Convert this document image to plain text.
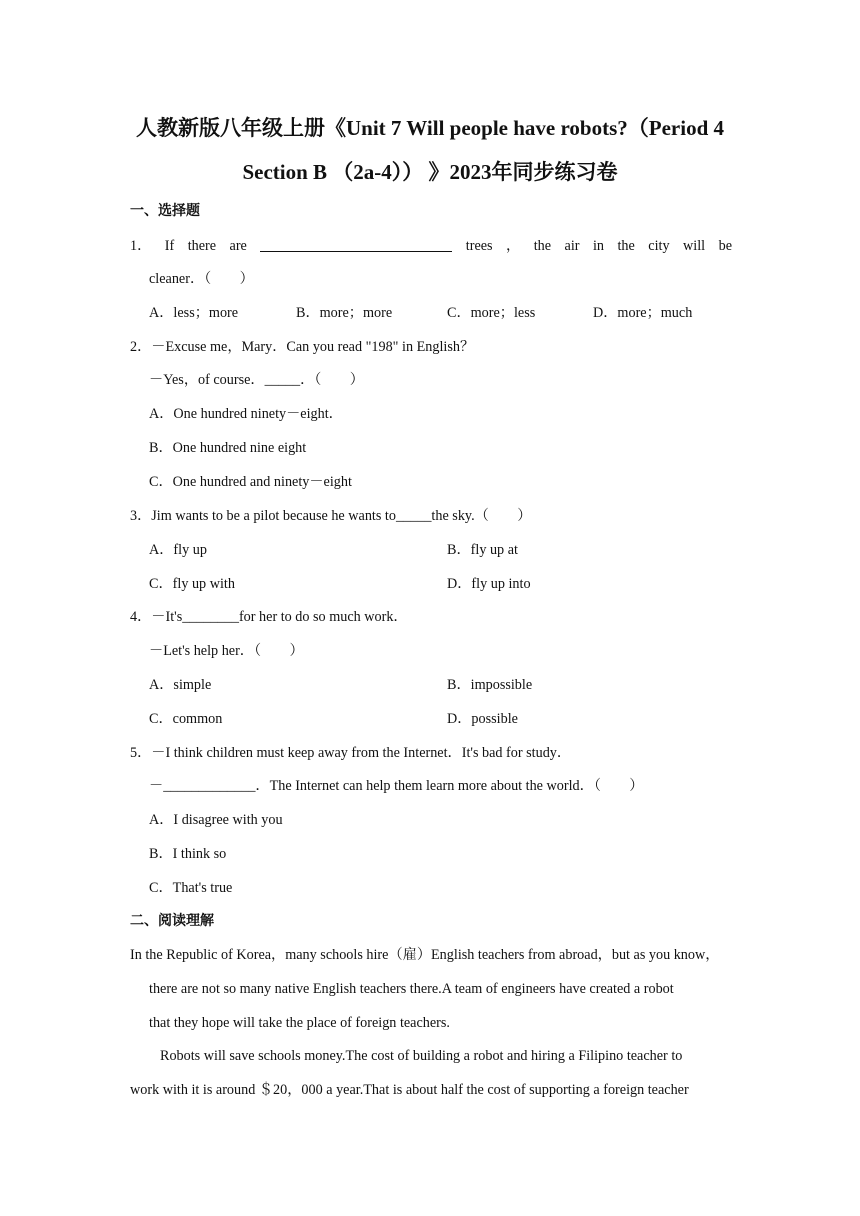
人教新版八年级上册《Unit 7 Will people have robots?（Period 4
Section B （2a-4）） 》2023年同步练习卷
一、选择题
1． If there are	trees ， the air in the city will be
cleaner．（　　）
A．less；more	B．more；more	C．more；less	D．more；much
2．－Excuse me，Mary．Can you read "198" in English？
－Yes，of course．_____．（　　）
A．One hundred ninety－eight．
B．One hundred nine eight
C．One hundred and ninety－eight
3．Jim wants to be a pilot because he wants to_____the sky.（　　）
A．fly up	B．fly up at
C．fly up with	D．fly up into
4．－It's________for her to do so much work．
－Let's help her．（　　）
A．simple	B．impossible
C．common	D．possible
5．－I think children must keep away from the Internet．It's bad for study．
－_____________．The Internet can help them learn more about the world．（　　）
A．I disagree with you
B．I think so
C．That's true
二、阅读理解
In the Republic of Korea，many schools hire（雇）English teachers from abroad，but as you know，
there are not so many native English teachers there.A team of engineers have created a robot
that they hope will take the place of foreign teachers.
Robots will save schools money.The cost of building a robot and hiring a Filipino teacher to
work with it is around ＄20，000 a year.That is about half the cost of supporting a foreign teacher
